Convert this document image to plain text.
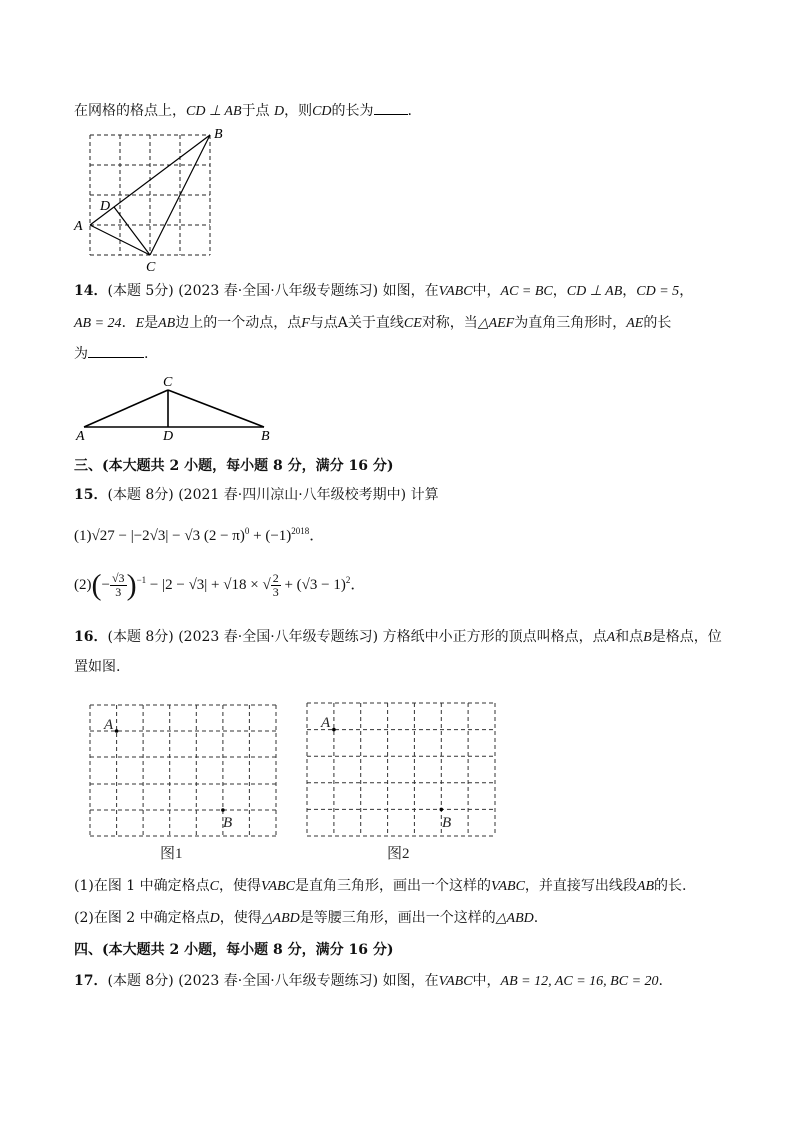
在网格的格点上，CD ⊥ AB于点 D，则CD的长为 .
A
B
C
D
14．(本题 5分) (2023 春·全国·八年级专题练习) 如图，在VABC中，AC = BC，CD ⊥ AB，CD = 5，
AB = 24．E是AB边上的一个动点，点F与点A关于直线CE对称，当△AEF为直角三角形时，AE的长
为	.
A	B
C
D
三、(本大题共 2 小题，每小题 8 分，满分 16 分)
15．(本题 8分) (2021 春·四川凉山·八年级校考期中) 计算
(1)√27 − |−2√3| − √3 $(2 - \pi)^0 + (-1)^{2018}$．
$(2)(- \frac{√3}{3} )^{-1} - |2 - √3| + √18$ × √ $\frac{2}{3} + (√3 - 1)^2$．
16．(本题 8分) (2023 春·全国·八年级专题练习) 方格纸中小正方形的顶点叫格点，点A和点B是格点，位
置如图.
A
B
图1
A
B
图2
(1)在图 1 中确定格点C，使得VABC是直角三角形，画出一个这样的VABC，并直接写出线段AB的长.
(2)在图 2 中确定格点D，使得△ABD是等腰三角形，画出一个这样的△ABD.
四、(本大题共 2 小题，每小题 8 分，满分 16 分)
17．(本题 8分) (2023 春·全国·八年级专题练习) 如图，在VABC中，AB = 12, AC = 16, BC = 20.
